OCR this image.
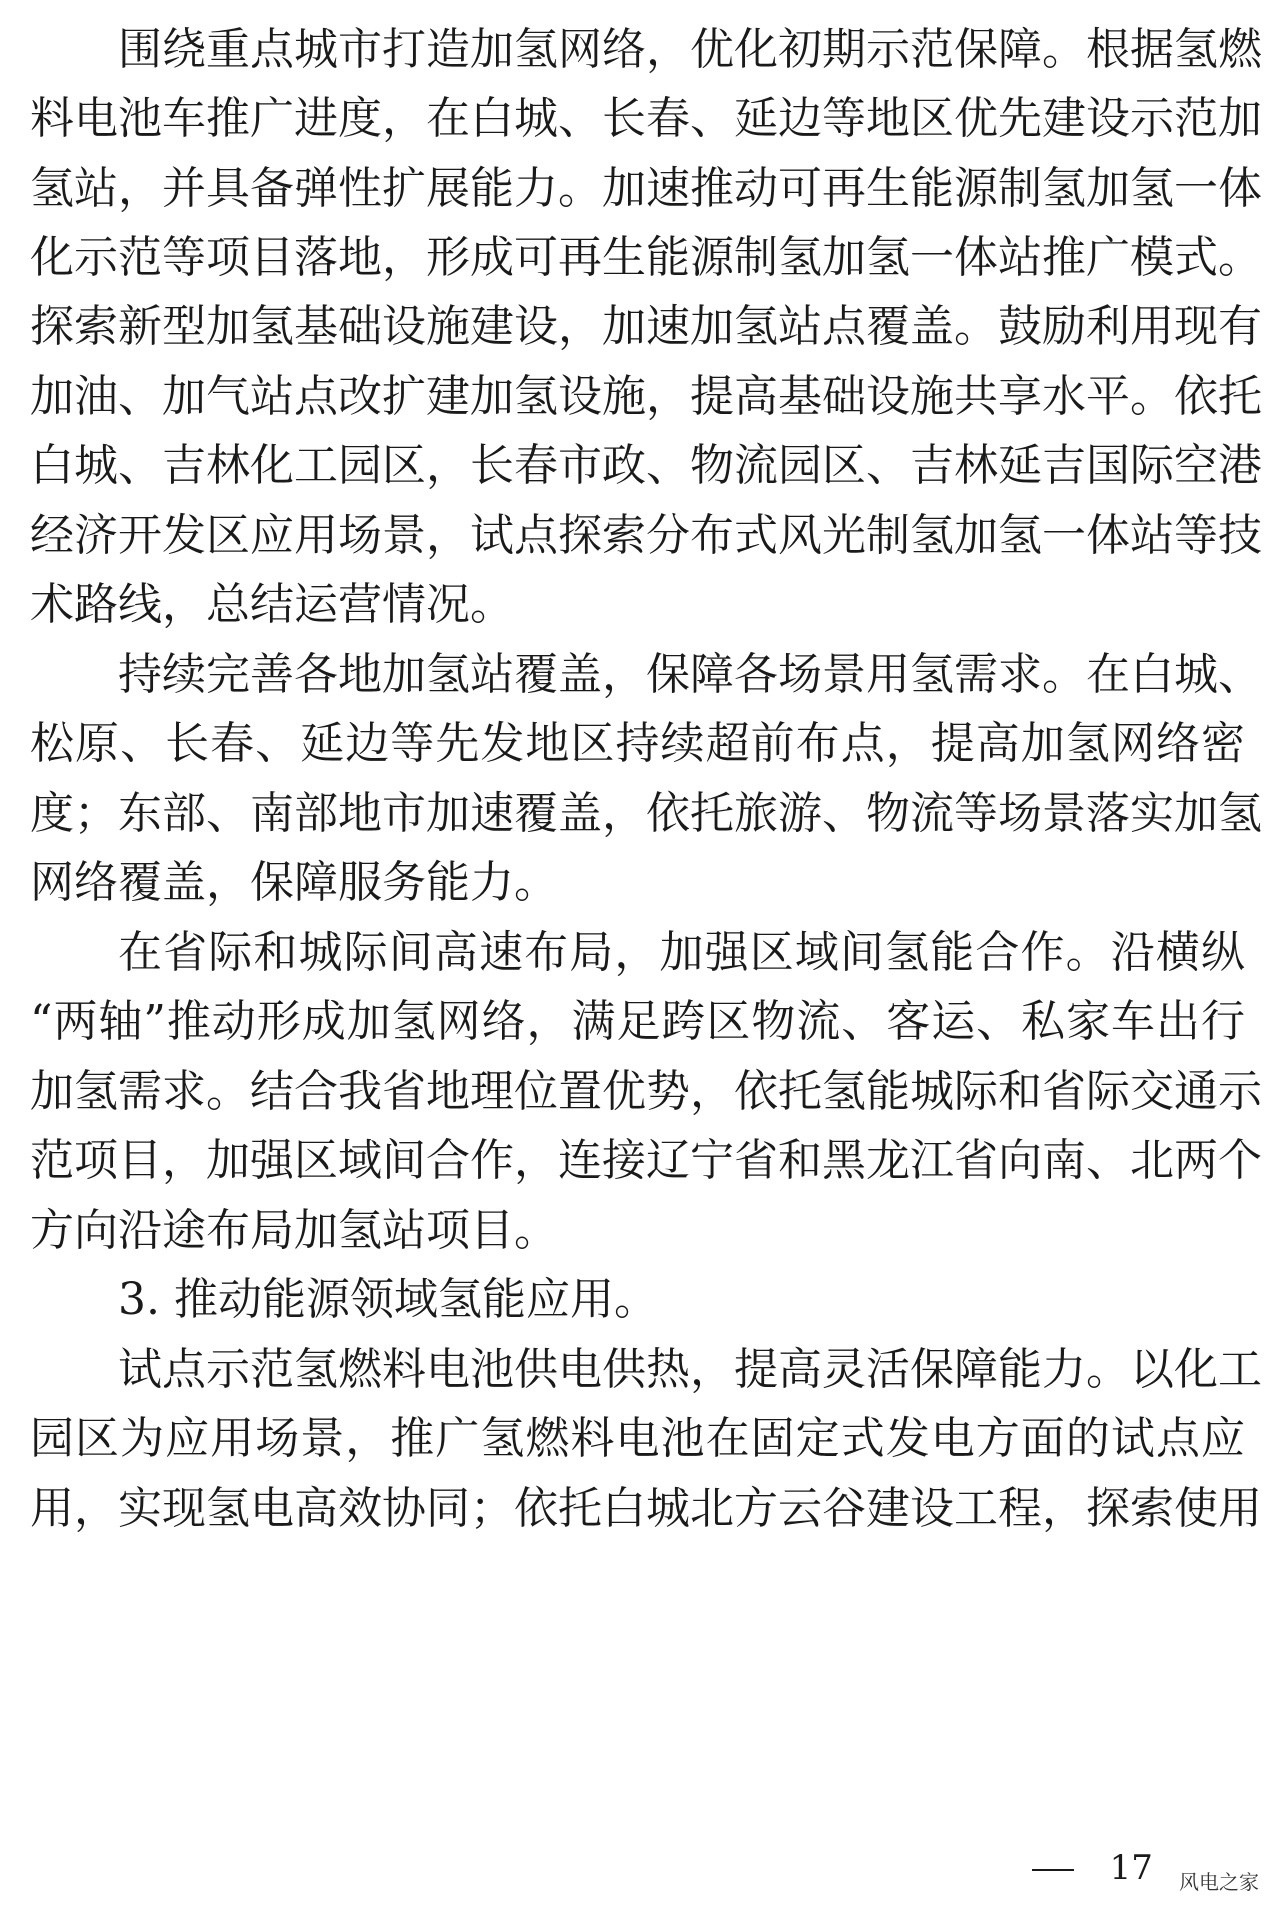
围绕重点城市打造加氢网络，优化初期示范保障。根据氢燃
料电池车推广进度，在白城、长春、延边等地区优先建设示范加
氢站，并具备弹性扩展能力。加速推动可再生能源制氢加氢一体
化示范等项目落地，形成可再生能源制氢加氢一体站推广模式。
探索新型加氢基础设施建设，加速加氢站点覆盖。鼓励利用现有
加油、加气站点改扩建加氢设施，提高基础设施共享水平。依托
白城、吉林化工园区，长春市政、物流园区、吉林延吉国际空港
经济开发区应用场景，试点探索分布式风光制氢加氢一体站等技
术路线，总结运营情况。
持续完善各地加氢站覆盖，保障各场景用氢需求。在白城、
松原、长春、延边等先发地区持续超前布点，提高加氢网络密
度；东部、南部地市加速覆盖，依托旅游、物流等场景落实加氢
网络覆盖，保障服务能力。
在省际和城际间高速布局，加强区域间氢能合作。沿横纵
“两轴”推动形成加氢网络，满足跨区物流、客运、私家车出行
加氢需求。结合我省地理位置优势，依托氢能城际和省际交通示
范项目，加强区域间合作，连接辽宁省和黑龙江省向南、北两个
方向沿途布局加氢站项目。
3. 推动能源领域氢能应用。
试点示范氢燃料电池供电供热，提高灵活保障能力。以化工
园区为应用场景，推广氢燃料电池在固定式发电方面的试点应
用，实现氢电高效协同；依托白城北方云谷建设工程，探索使用
17	风电之家
